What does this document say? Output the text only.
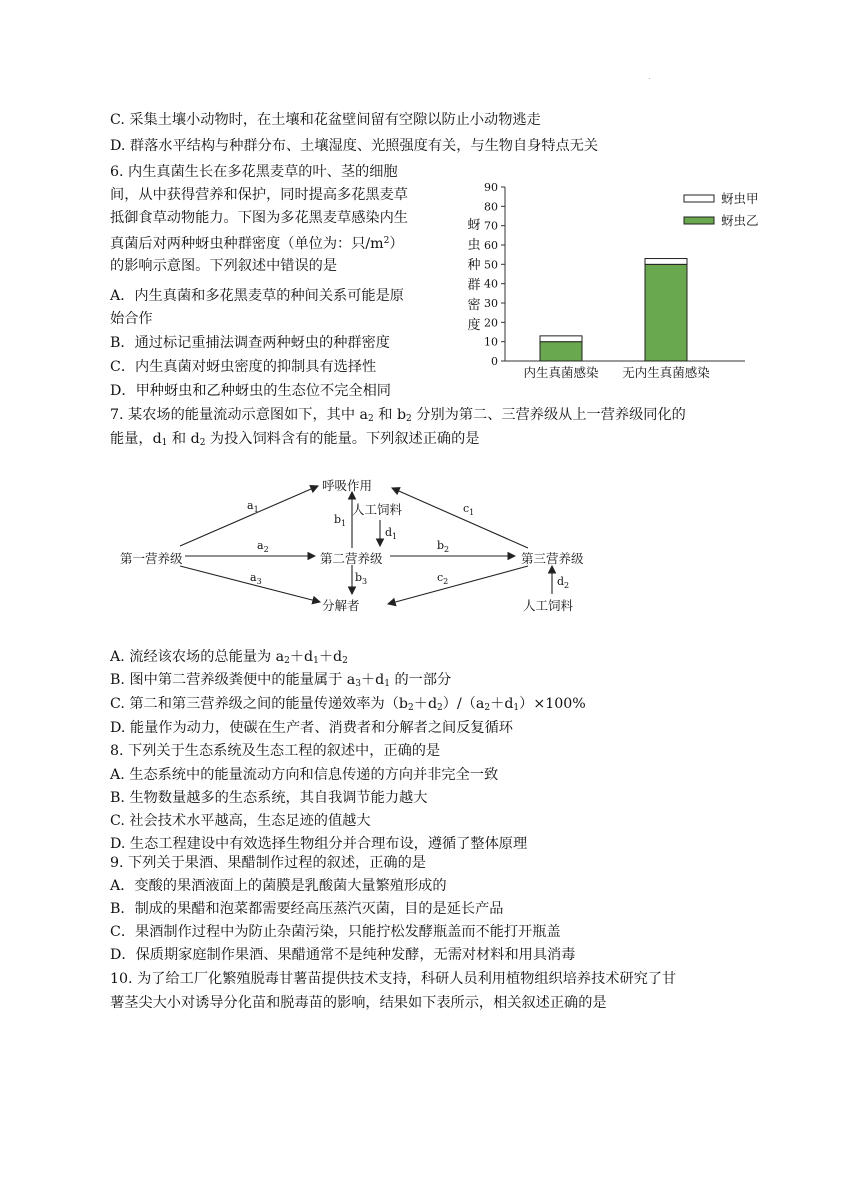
.
C. 采集土壤小动物时，在土壤和花盆壁间留有空隙以防止小动物逃走
D. 群落水平结构与种群分布、土壤湿度、光照强度有关，与生物自身特点无关
6. 内生真菌生长在多花黑麦草的叶、茎的细胞
间，从中获得营养和保护，同时提高多花黑麦草
抵御食草动物能力。下图为多花黑麦草感染内生
真菌后对两种蚜虫种群密度（单位为：只$/m^2$）
的影响示意图。下列叙述中错误的是
A．内生真菌和多花黑麦草的种间关系可能是原
始合作
B．通过标记重捕法调查两种蚜虫的种群密度
C．内生真菌对蚜虫密度的抑制具有选择性
D．甲种蚜虫和乙种蚜虫的生态位不完全相同
蚜
虫
种
群
密
度
0
10
20
30
40
50
60
70
80
90
内生真菌感染 无内生真菌感染
蚜虫甲
蚜虫乙
7. 某农场的能量流动示意图如下，其中 $a_2$ 和 $b_2$ 分别为第二、三营养级从上一营养级同化的
能量，$d_1$ 和 $d_2$ 为投入饲料含有的能量。下列叙述正确的是
呼吸作用
人工饲料
第一营养级	第二营养级	第三营养级
分解者	人工饲料
$a_1$
$a_2$
$a_3$
$b_1$
$d_1$
$b_2$
$b_3$
$c_1$
$c_2$	$d_2$
A. 流经该农场的总能量为 $a_2+d_1+d_2$
B. 图中第二营养级粪便中的能量属于 $a_3+d_1$ 的一部分
C. 第二和第三营养级之间的能量传递效率为$(b_2+d_2)/(a_2+d_1)\times 100\%$
D. 能量作为动力，使碳在生产者、消费者和分解者之间反复循环
8. 下列关于生态系统及生态工程的叙述中，正确的是
A. 生态系统中的能量流动方向和信息传递的方向并非完全一致
B. 生物数量越多的生态系统，其自我调节能力越大
C. 社会技术水平越高，生态足迹的值越大
D. 生态工程建设中有效选择生物组分并合理布设，遵循了整体原理
9. 下列关于果酒、果醋制作过程的叙述，正确的是
A．变酸的果酒液面上的菌膜是乳酸菌大量繁殖形成的
B．制成的果醋和泡菜都需要经高压蒸汽灭菌，目的是延长产品
C．果酒制作过程中为防止杂菌污染，只能拧松发酵瓶盖而不能打开瓶盖
D．保质期家庭制作果酒、果醋通常不是纯种发酵，无需对材料和用具消毒
10. 为了给工厂化繁殖脱毒甘薯苗提供技术支持，科研人员利用植物组织培养技术研究了甘
薯茎尖大小对诱导分化苗和脱毒苗的影响，结果如下表所示，相关叙述正确的是
